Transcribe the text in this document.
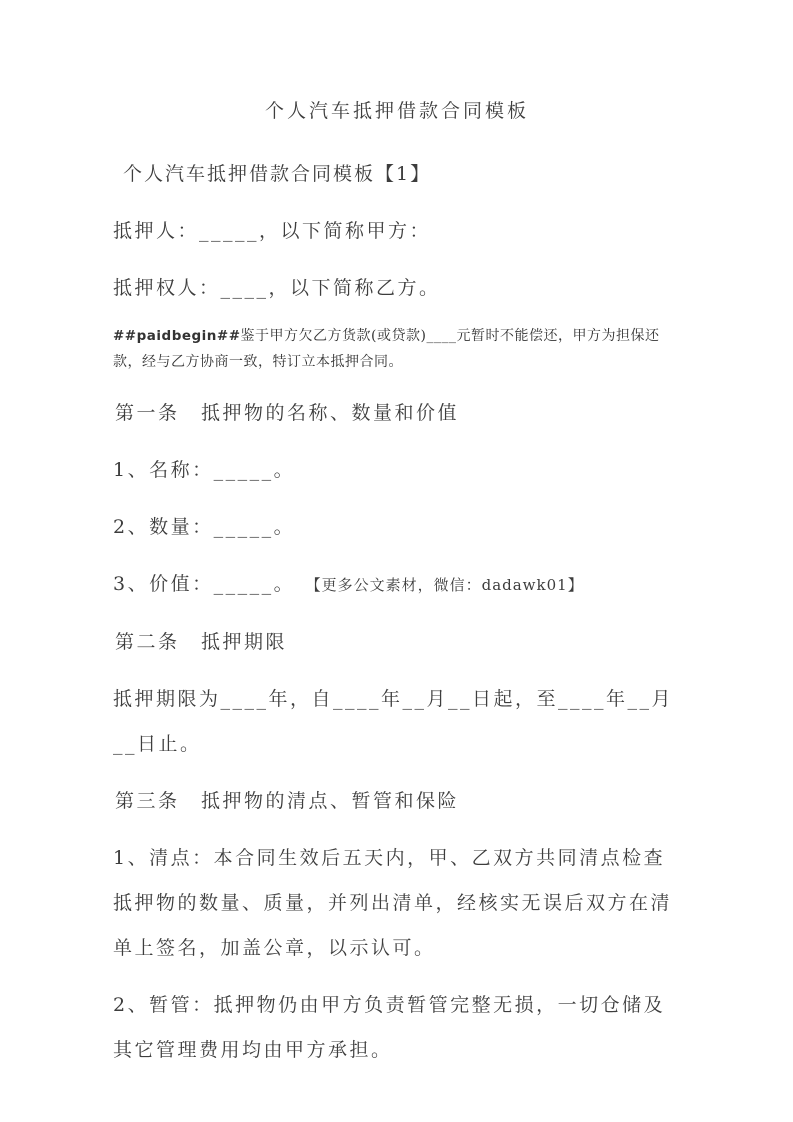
个人汽车抵押借款合同模板

个人汽车抵押借款合同模板【1】

抵押人：_____，以下简称甲方：

抵押权人：____，以下简称乙方。

##paidbegin##鉴于甲方欠乙方货款(或贷款)____元暂时不能偿还，甲方为担保还款，经与乙方协商一致，特订立本抵押合同。

第一条　抵押物的名称、数量和价值

1、名称：_____。

2、数量：_____。

3、价值：_____。 【更多公文素材，微信：dadawk01】

第二条　抵押期限

抵押期限为____年，自____年__月__日起，至____年__月__日止。

第三条　抵押物的清点、暂管和保险

1、清点：本合同生效后五天内，甲、乙双方共同清点检查抵押物的数量、质量，并列出清单，经核实无误后双方在清单上签名，加盖公章，以示认可。

2、暂管：抵押物仍由甲方负责暂管完整无损，一切仓储及其它管理费用均由甲方承担。
